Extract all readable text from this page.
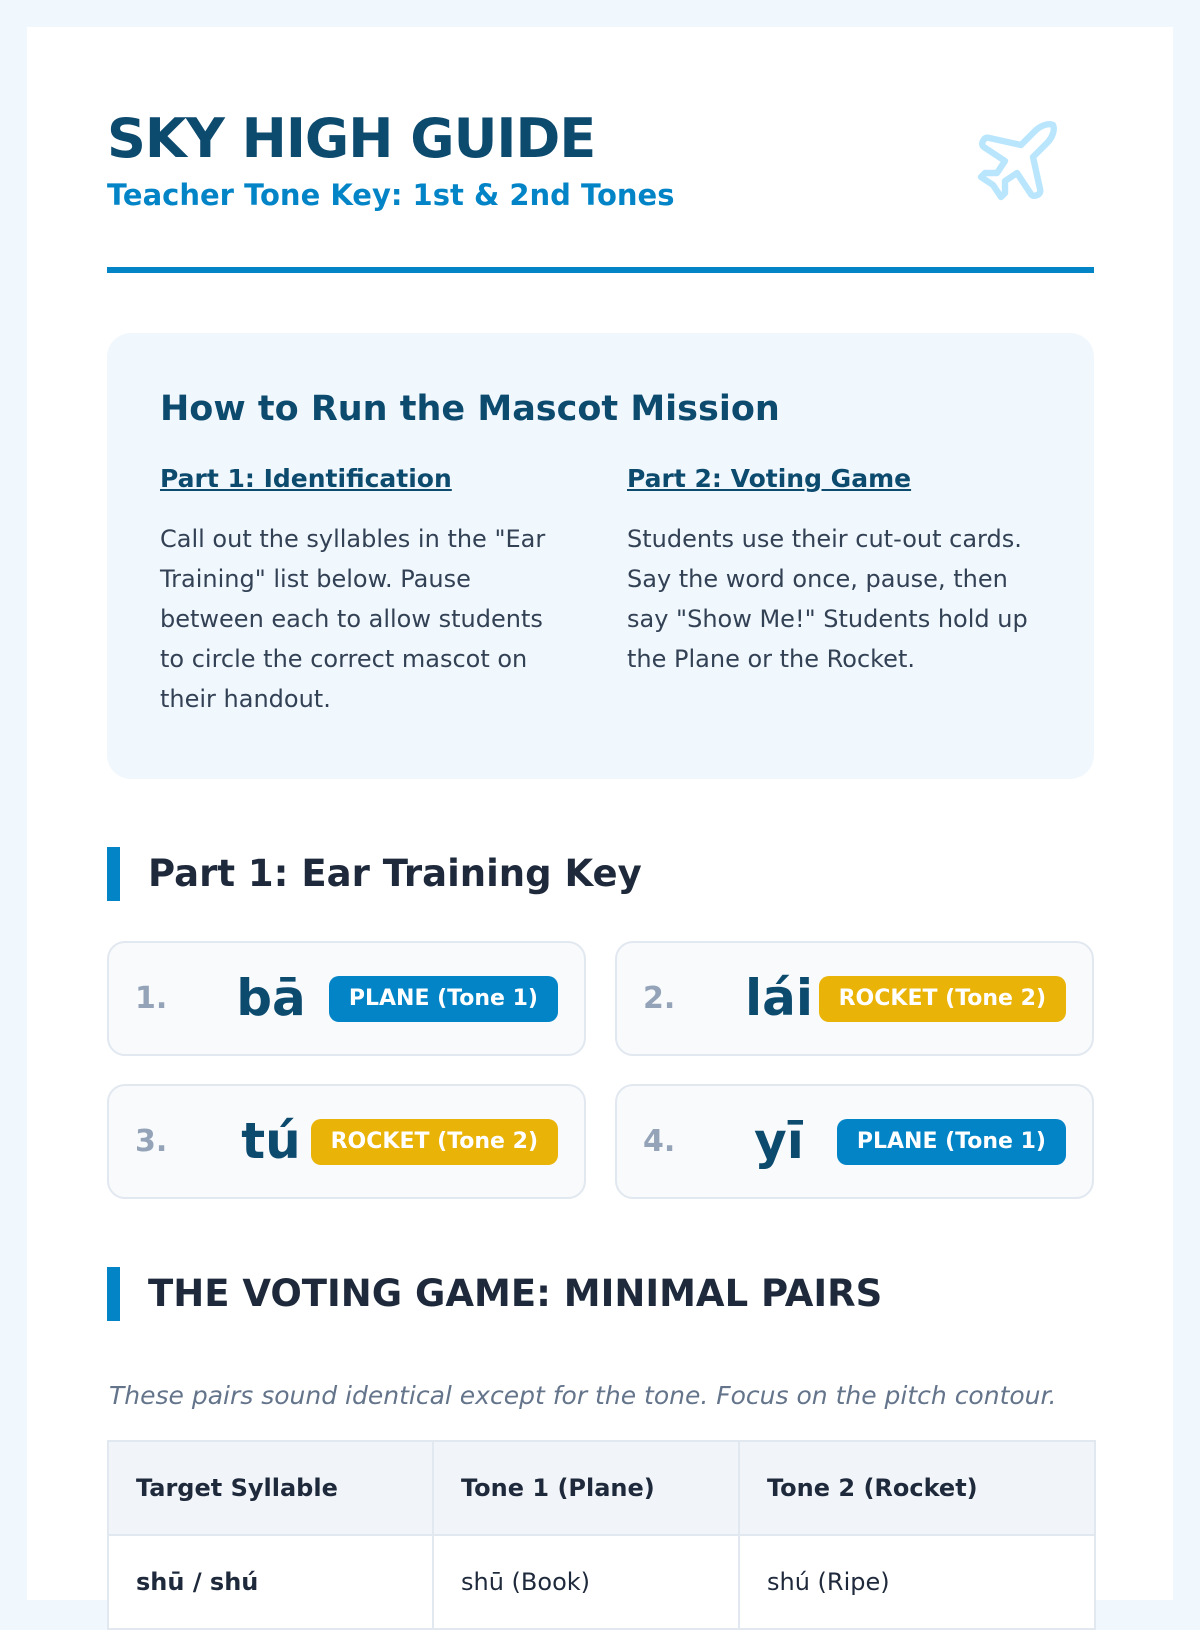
SKY HIGH GUIDE
Teacher Tone Key: 1st & 2nd Tones
How to Run the Mascot Mission
Part 1: Identification

Call out the syllables in the "Ear Training" list below. Pause between each to allow students to circle the correct mascot on their handout.

Part 2: Voting Game

Students use their cut-out cards. Say the word once, pause, then say "Show Me!" Students hold up the Plane or the Rocket.

Part 1: Ear Training Key
1.	bā	PLANE (Tone 1)	2.	lái	ROCKET (Tone 2)
3.	tú	ROCKET (Tone 2)	4.	yī	PLANE (Tone 1)
THE VOTING GAME: MINIMAL PAIRS

These pairs sound identical except for the tone. Focus on the pitch contour.

Target Syllable	Tone 1 (Plane)	Tone 2 (Rocket)
shū / shú	shū (Book)	shú (Ripe)
